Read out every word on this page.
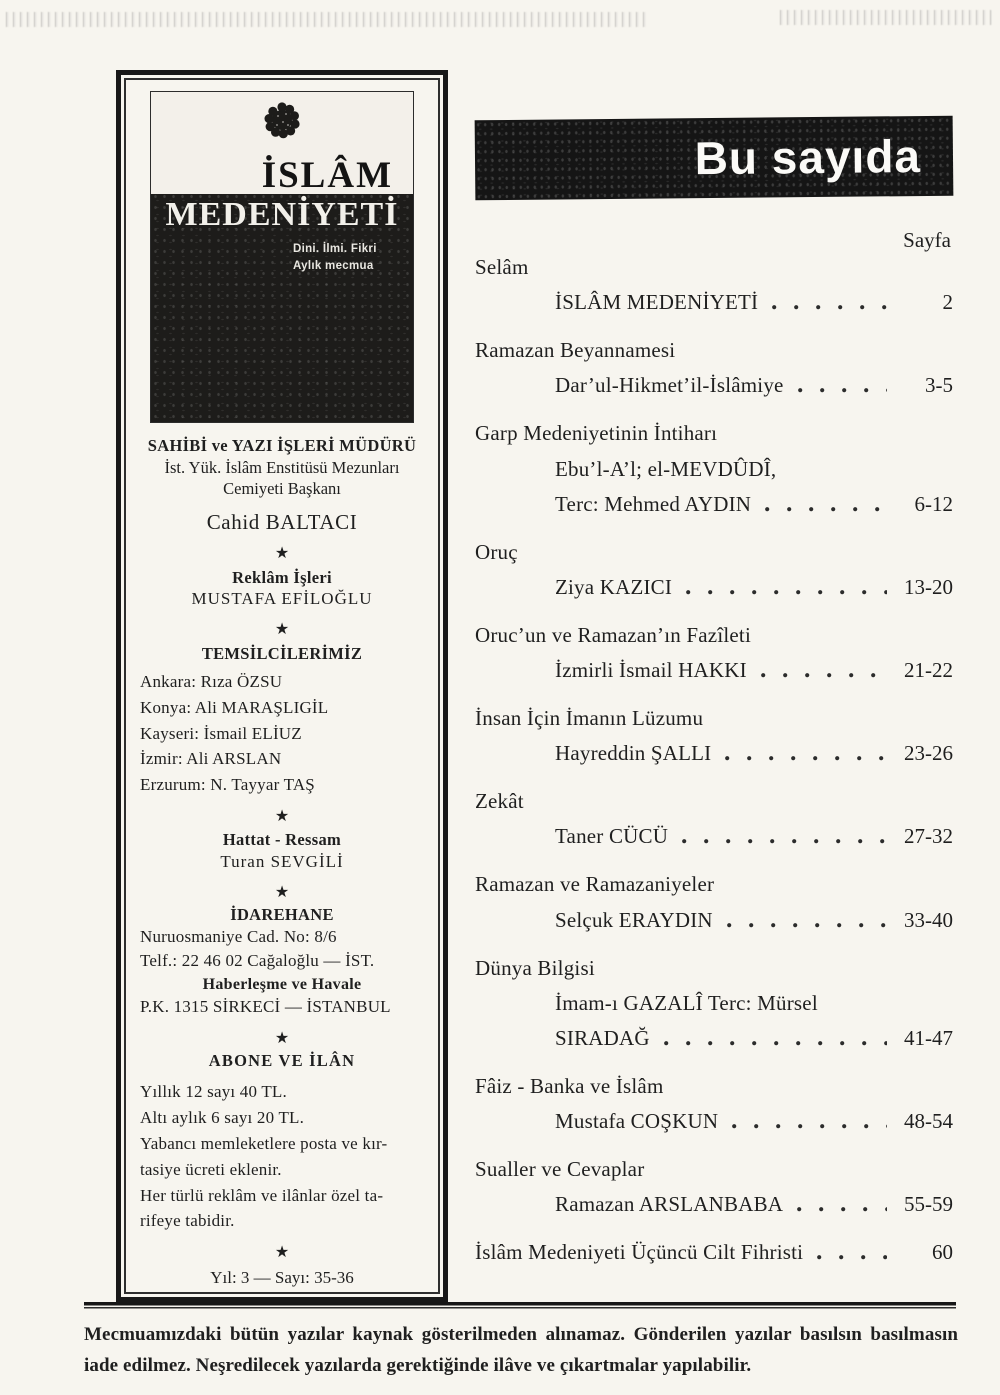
İSLÂM
MEDENİYETİ
Dini. İlmi. Fikri
Aylık mecmua
SAHİBİ ve YAZI İŞLERİ MÜDÜRÜ
İst. Yük. İslâm Enstitüsü Mezunları
Cemiyeti Başkanı
Cahid BALTACI
★
Reklâm İşleri
MUSTAFA EFİLOĞLU
★
TEMSİLCİLERİMİZ
Ankara: Rıza ÖZSU
Konya: Ali MARAŞLIGİL
Kayseri: İsmail ELİUZ
İzmir: Ali ARSLAN
Erzurum: N. Tayyar TAŞ
★
Hattat - Ressam
Turan SEVGİLİ
★
İDAREHANE
Nuruosmaniye Cad. No: 8/6
Telf.: 22 46 02 Cağaloğlu — İST.
Haberleşme ve Havale
P.K. 1315 SİRKECİ — İSTANBUL
★
ABONE VE İLÂN
Yıllık 12 sayı 40 TL.
Altı aylık 6 sayı 20 TL.
Yabancı memleketlere posta ve kır-
tasiye ücreti eklenir.
Her türlü reklâm ve ilânlar özel ta-
rifeye tabidir.
★
Yıl: 3 — Sayı: 35-36
Bu sayıda
Sayfa
Selâm
İSLÂM MEDENİYETİ	2
Ramazan Beyannamesi
Dar’ul-Hikmet’il-İslâmiye	3-5
Garp Medeniyetinin İntiharı
Ebu’l-A’l; el-MEVDÛDÎ,
Terc: Mehmed AYDIN	6-12
Oruç
Ziya KAZICI	13-20
Oruc’un ve Ramazan’ın Fazîleti
İzmirli İsmail HAKKI	21-22
İnsan İçin İmanın Lüzumu
Hayreddin ŞALLI	23-26
Zekât
Taner CÜCÜ	27-32
Ramazan ve Ramazaniyeler
Selçuk ERAYDIN	33-40
Dünya Bilgisi
İmam-ı GAZALÎ Terc: Mürsel
SIRADAĞ	41-47
Fâiz - Banka ve İslâm
Mustafa COŞKUN	48-54
Sualler ve Cevaplar
Ramazan ARSLANBABA	55-59
İslâm Medeniyeti Üçüncü Cilt Fihristi	60
Mecmuamızdaki bütün yazılar kaynak gösterilmeden alınamaz. Gönderilen yazılar basılsın basılmasın iade edilmez. Neşredilecek yazılarda gerektiğinde ilâve ve çıkartmalar yapılabilir.
